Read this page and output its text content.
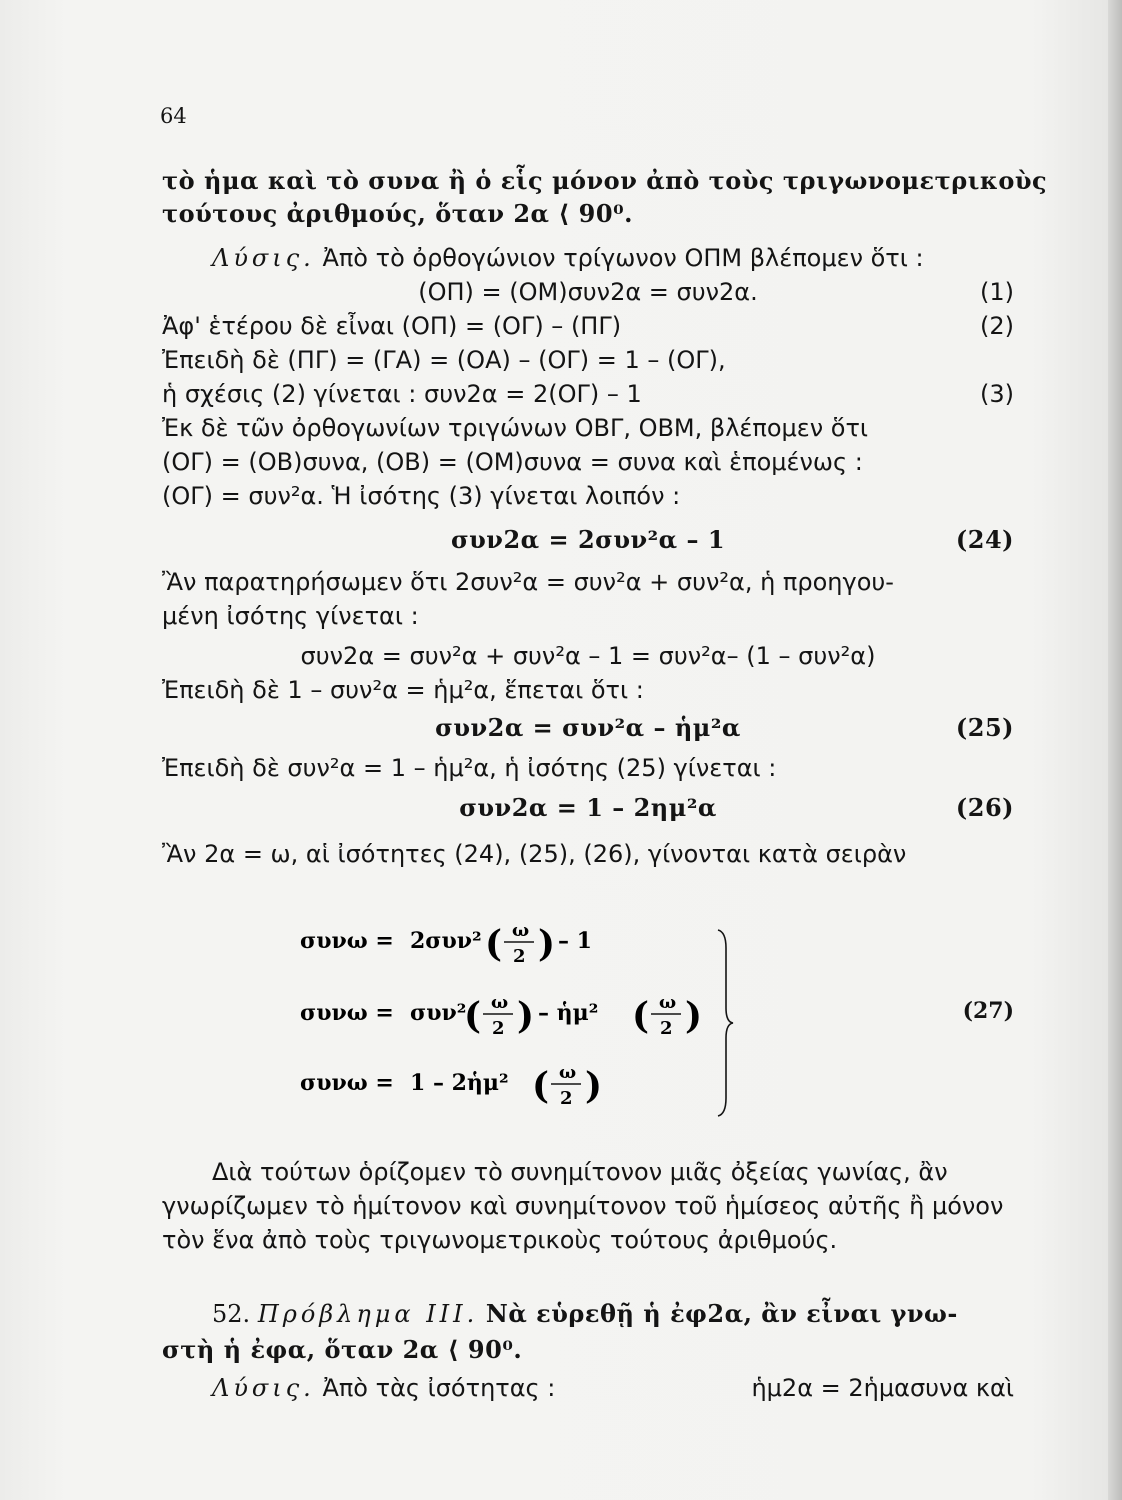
64
τὸ ἡμα καὶ τὸ συνα ἢ ὁ εἷς μόνον ἀπὸ τοὺς τριγωνομετρικοὺς
τούτους ἀριθμούς, ὅταν 2α ⟨ 90⁰.
Λύσις. Ἀπὸ τὸ ὀρθογώνιον τρίγωνον ΟΠΜ βλέπομεν ὅτι :
(ΟΠ) = (ΟΜ)συν2α = συν2α.	(1)
Ἀφ' ἑτέρου δὲ εἶναι (ΟΠ) = (ΟΓ) – (ΠΓ)	(2)
Ἐπειδὴ δὲ (ΠΓ) = (ΓΑ) = (ΟΑ) – (ΟΓ) = 1 – (ΟΓ),
ἡ σχέσις (2) γίνεται : συν2α = 2(ΟΓ) – 1	(3)
Ἐκ δὲ τῶν ὀρθογωνίων τριγώνων ΟΒΓ, ΟΒΜ, βλέπομεν ὅτι
(ΟΓ) = (ΟΒ)συνα, (ΟΒ) = (ΟΜ)συνα = συνα καὶ ἑπομένως :
(ΟΓ) = συν²α. Ἡ ἰσότης (3) γίνεται λοιπόν :
συν2α = 2συν²α – 1	(24)
Ἂν παρατηρήσωμεν ὅτι 2συν²α = συν²α + συν²α, ἡ προηγου-
μένη ἰσότης γίνεται :
συν2α = συν²α + συν²α – 1 = συν²α– (1 – συν²α)
Ἐπειδὴ δὲ 1 – συν²α = ἡμ²α, ἕπεται ὅτι :
συν2α = συν²α – ἡμ²α	(25)
Ἐπειδὴ δὲ συν²α = 1 – ἡμ²α, ἡ ἰσότης (25) γίνεται :
συν2α = 1 – 2ημ²α	(26)
Ἂν 2α = ω, αἱ ἰσότητες (24), (25), (26), γίνονται κατὰ σειρὰν
συνω = 2συν² ( ω
2 ) – 1
συνω = συν²
( ω
2 ) – ἡμ² ( ω
2 )
συνω = 1 – 2ἡμ² ( ω
2 )
(27)
Διὰ τούτων ὁρίζομεν τὸ συνημίτονον μιᾶς ὀξείας γωνίας, ἂν
γνωρίζωμεν τὸ ἡμίτονον καὶ συνημίτονον τοῦ ἡμίσεος αὐτῆς ἢ μόνον
τὸν ἕνα ἀπὸ τοὺς τριγωνομετρικοὺς τούτους ἀριθμούς.
52. Πρόβλημα ΙΙΙ. Νὰ εὑρεθῇ ἡ ἐφ2α, ἂν εἶναι γνω-
στὴ ἡ ἐφα, ὅταν 2α ⟨ 90⁰.
Λύσις. Ἀπὸ τὰς ἰσότητας :	ἡμ2α = 2ἡμασυνα καὶ
